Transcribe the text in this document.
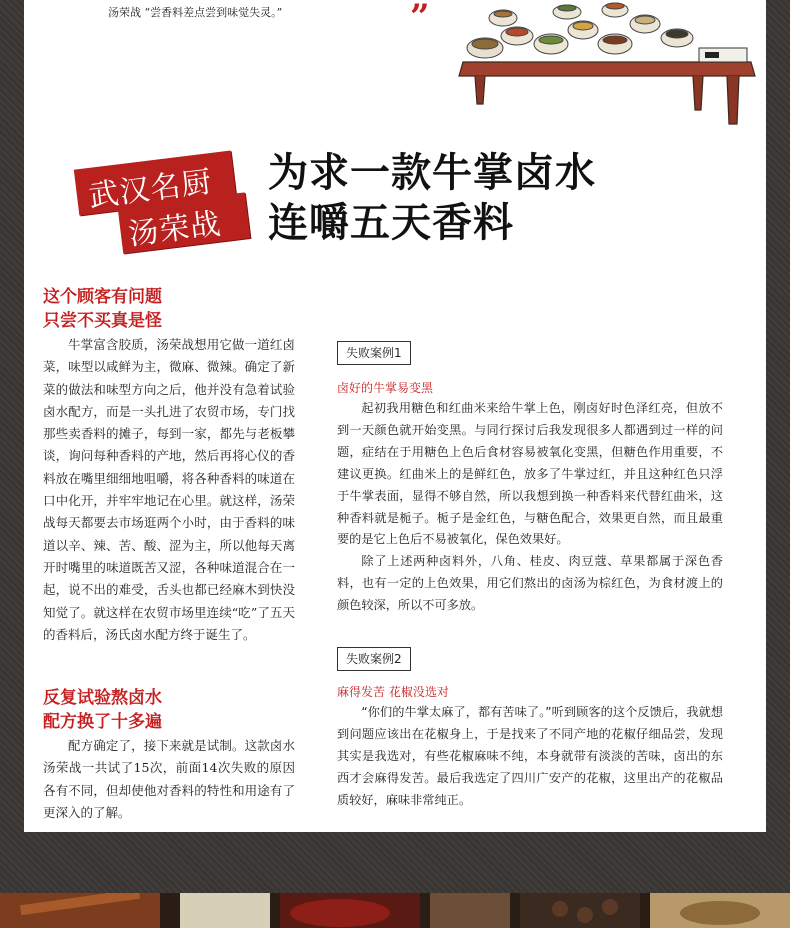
汤荣战 “尝香料差点尝到味觉失灵。”	”
武汉名厨
汤荣战
为求一款牛掌卤水
连嚼五天香料
这个顾客有问题
只尝不买真是怪
牛掌富含胶质，汤荣战想用它做一道红卤菜，味型以咸鲜为主，微麻、微辣。确定了新菜的做法和味型方向之后，他并没有急着试验卤水配方，而是一头扎进了农贸市场，专门找那些卖香料的摊子，每到一家，都先与老板攀谈，询问每种香料的产地，然后再将心仪的香料放在嘴里细细地咀嚼，将各种香料的味道在口中化开，并牢牢地记在心里。就这样，汤荣战每天都要去市场逛两个小时，由于香料的味道以辛、辣、苦、酸、涩为主，所以他每天离开时嘴里的味道既苦又涩，各种味道混合在一起，说不出的难受，舌头也都已经麻木到快没知觉了。就这样在农贸市场里连续“吃”了五天的香料后，汤氏卤水配方终于诞生了。
反复试验熬卤水
配方换了十多遍
配方确定了，接下来就是试制。这款卤水汤荣战一共试了15次，前面14次失败的原因各有不同，但却使他对香料的特性和用途有了更深入的了解。
失败案例1
卤好的牛掌易变黑

起初我用糖色和红曲米来给牛掌上色，刚卤好时色泽红亮，但放不到一天颜色就开始变黑。与同行探讨后我发现很多人都遇到过一样的问题，症结在于用糖色上色后食材容易被氧化变黑，但糖色作用重要，不建议更换。红曲米上的是鲜红色，放多了牛掌过红，并且这种红色只浮于牛掌表面，显得不够自然，所以我想到换一种香料来代替红曲米，这种香料就是栀子。栀子是金红色，与糖色配合，效果更自然，而且最重要的是它上色后不易被氧化，保色效果好。

除了上述两种卤料外，八角、桂皮、肉豆蔻、草果都属于深色香料，也有一定的上色效果，用它们熬出的卤汤为棕红色，为食材渡上的颜色较深，所以不可多放。

失败案例2
麻得发苦 花椒没选对

“你们的牛掌太麻了，都有苦味了。”听到顾客的这个反馈后，我就想到问题应该出在花椒身上，于是找来了不同产地的花椒仔细品尝，发现其实是我选对，有些花椒麻味不纯，本身就带有淡淡的苦味，卤出的东西才会麻得发苦。最后我选定了四川广安产的花椒，这里出产的花椒品质较好，麻味非常纯正。
